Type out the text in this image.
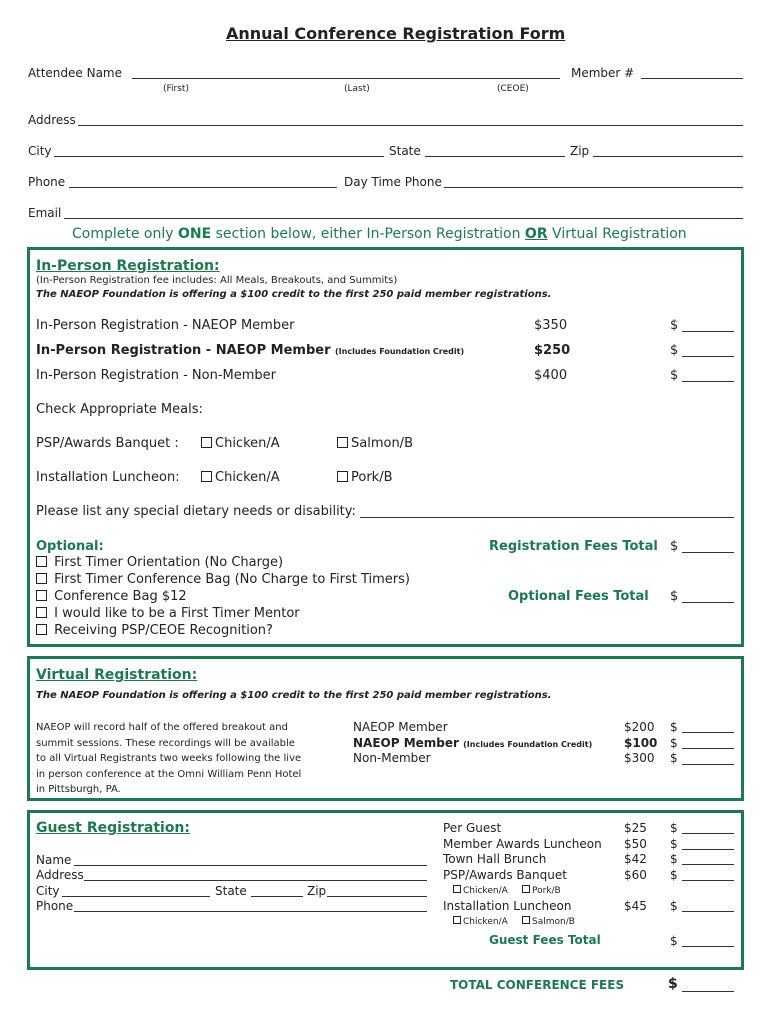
Annual Conference Registration Form
Attendee Name	Member #
(First)	(Last)	(CEOE)
Address
City	State	Zip
Phone	Day Time Phone
Email
Complete only ONE section below, either In-Person Registration OR Virtual Registration
In-Person Registration:
(In-Person Registration fee includes: All Meals, Breakouts, and Summits)
The NAEOP Foundation is offering a $100 credit to the first 250 paid member registrations.
In-Person Registration - NAEOP Member	$350	$
In-Person Registration - NAEOP Member (Includes Foundation Credit)	$250	$
In-Person Registration - Non-Member	$400	$
Check Appropriate Meals:
PSP/Awards Banquet :	Chicken/A	Salmon/B
Installation Luncheon:	Chicken/A	Pork/B
Please list any special dietary needs or disability:
Optional:
First Timer Orientation (No Charge)
First Timer Conference Bag (No Charge to First Timers)
Conference Bag $12
I would like to be a First Timer Mentor
Receiving PSP/CEOE Recognition?
Registration Fees Total $
Optional Fees Total $
Virtual Registration:
The NAEOP Foundation is offering a $100 credit to the first 250 paid member registrations.
NAEOP will record half of the offered breakout and
summit sessions. These recordings will be available
to all Virtual Registrants two weeks following the live
in person conference at the Omni William Penn Hotel
in Pittsburgh, PA.
NAEOP Member	$200 $
NAEOP Member (Includes Foundation Credit)	$100 $
Non-Member	$300 $
Guest Registration:
Name
Address
City	State	Zip
Phone
Per Guest	$25 $
Member Awards Luncheon $50 $
Town Hall Brunch	$42 $
PSP/Awards Banquet	$60 $
Chicken/A	Pork/B
Installation Luncheon	$45 $
Chicken/A	Salmon/B
Guest Fees Total	$
TOTAL CONFERENCE FEES	$
